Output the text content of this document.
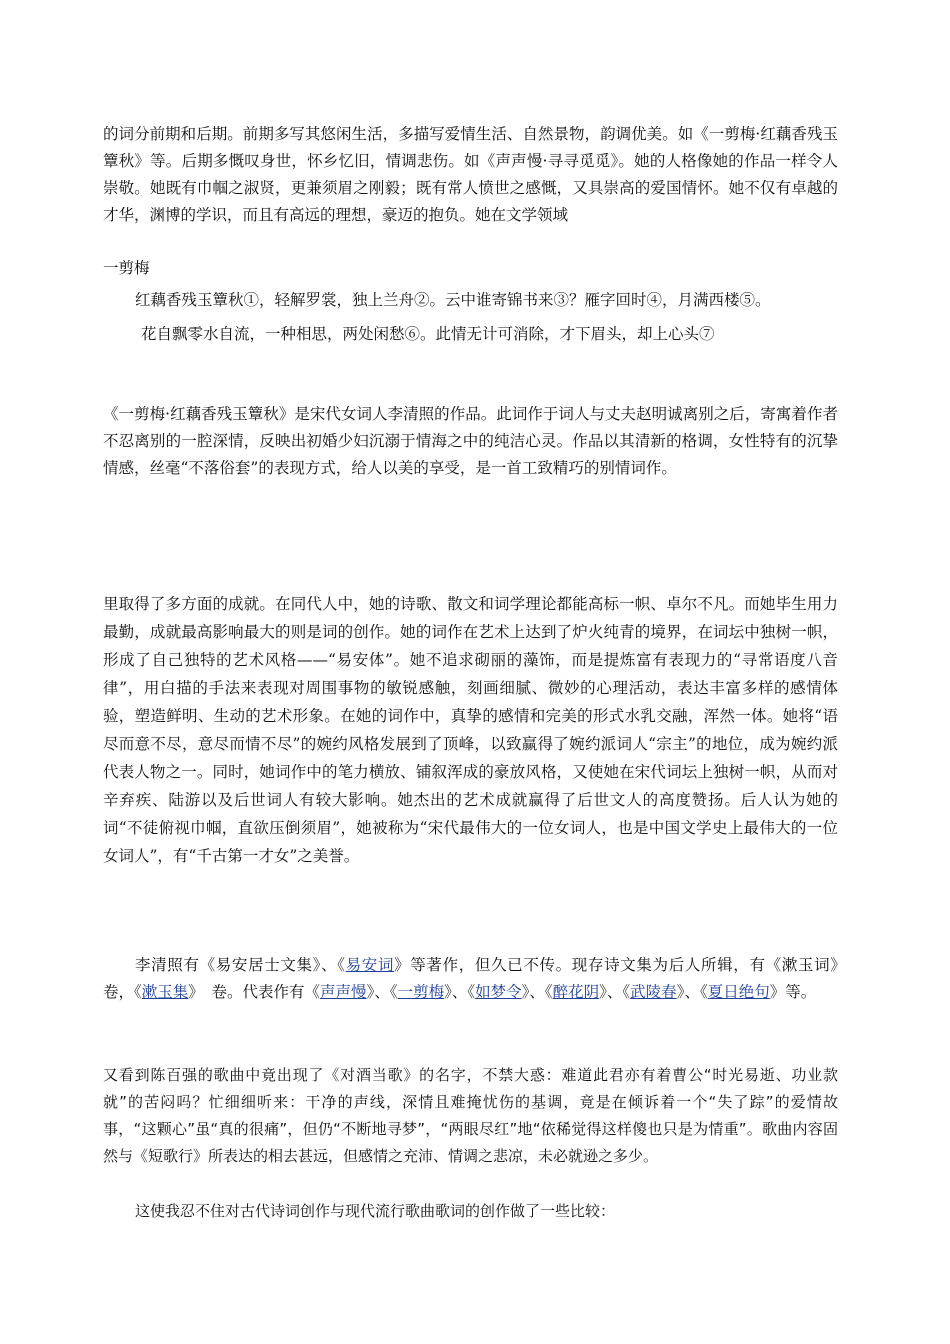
的词分前期和后期。前期多写其悠闲生活，多描写爱情生活、自然景物，韵调优美。如《一剪梅·红藕香残玉簟秋》等。后期多慨叹身世，怀乡忆旧，情调悲伤。如《声声慢·寻寻觅觅》。她的人格像她的作品一样令人崇敬。她既有巾帼之淑贤，更兼须眉之刚毅；既有常人愤世之感慨，又具崇高的爱国情怀。她不仅有卓越的才华，渊博的学识，而且有高远的理想，豪迈的抱负。她在文学领域

一剪梅

红藕香残玉簟秋①，轻解罗裳，独上兰舟②。云中谁寄锦书来③？雁字回时④，月满西楼⑤。

花自飘零水自流，一种相思，两处闲愁⑥。此情无计可消除，才下眉头，却上心头⑦

《一剪梅·红藕香残玉簟秋》是宋代女词人李清照的作品。此词作于词人与丈夫赵明诚离别之后，寄寓着作者不忍离别的一腔深情，反映出初婚少妇沉溺于情海之中的纯洁心灵。作品以其清新的格调，女性特有的沉挚情感，丝毫“不落俗套”的表现方式，给人以美的享受，是一首工致精巧的别情词作。

里取得了多方面的成就。在同代人中，她的诗歌、散文和词学理论都能高标一帜、卓尔不凡。而她毕生用力最勤，成就最高影响最大的则是词的创作。她的词作在艺术上达到了炉火纯青的境界，在词坛中独树一帜，形成了自己独特的艺术风格——“易安体”。她不追求砌丽的藻饰，而是提炼富有表现力的“寻常语度八音律”，用白描的手法来表现对周围事物的敏锐感触，刻画细腻、微妙的心理活动，表达丰富多样的感情体验，塑造鲜明、生动的艺术形象。在她的词作中，真挚的感情和完美的形式水乳交融，浑然一体。她将“语尽而意不尽，意尽而情不尽”的婉约风格发展到了顶峰，以致赢得了婉约派词人“宗主”的地位，成为婉约派代表人物之一。同时，她词作中的笔力横放、铺叙浑成的豪放风格，又使她在宋代词坛上独树一帜，从而对辛弃疾、陆游以及后世词人有较大影响。她杰出的艺术成就赢得了后世文人的高度赞扬。后人认为她的词“不徒俯视巾帼，直欲压倒须眉”，她被称为“宋代最伟大的一位女词人，也是中国文学史上最伟大的一位女词人”，有“千古第一才女”之美誉。

李清照有《易安居士文集》、《易安词》等著作，但久已不传。现存诗文集为后人所辑，有《漱玉词》　卷，《漱玉集》　卷。代表作有《声声慢》、《一剪梅》、《如梦令》、《醉花阴》、《武陵春》、《夏日绝句》等。

又看到陈百强的歌曲中竟出现了《对酒当歌》的名字，不禁大惑：难道此君亦有着曹公“时光易逝、功业款就”的苦闷吗？忙细细听来：干净的声线，深情且难掩忧伤的基调，竟是在倾诉着一个“失了踪”的爱情故事，“这颗心”虽“真的很痛”，但仍“不断地寻梦”，“两眼尽红”地“依稀觉得这样傻也只是为情重”。歌曲内容固然与《短歌行》所表达的相去甚远，但感情之充沛、情调之悲凉，未必就逊之多少。

这使我忍不住对古代诗词创作与现代流行歌曲歌词的创作做了一些比较：
